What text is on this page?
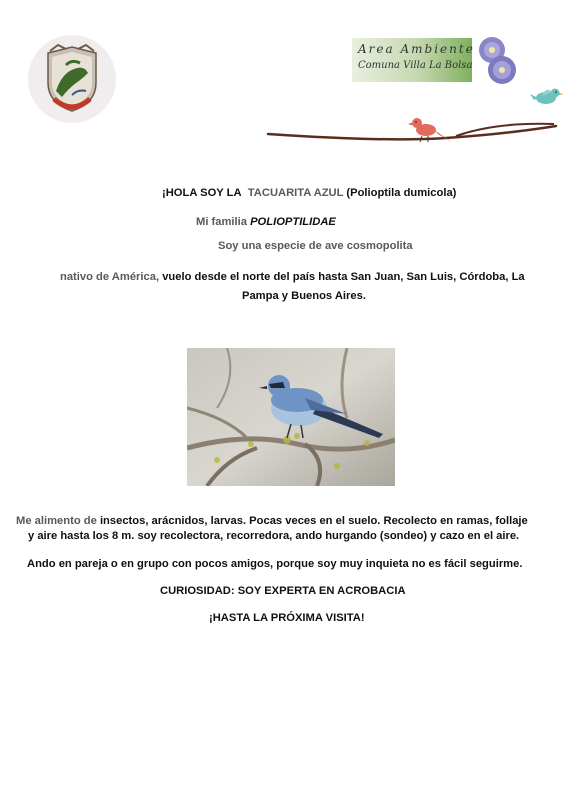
Area Ambiente
Comuna Villa La Bolsa
¡HOLA SOY LA TACUARITA AZUL (Polioptila dumicola)
Mi familia POLIOPTILIDAE
Soy una especie de ave cosmopolita
nativo de América, vuelo desde el norte del país hasta San Juan, San Luis, Córdoba, La
Pampa y Buenos Aires.
Me alimento de insectos, arácnidos, larvas. Pocas veces en el suelo. Recolecto en ramas, follaje
y aire hasta los 8 m. soy recolectora, recorredora, ando hurgando (sondeo) y cazo en el aire.
Ando en pareja o en grupo con pocos amigos, porque soy muy inquieta no es fácil seguirme.
CURIOSIDAD: SOY EXPERTA EN ACROBACIA
¡HASTA LA PRÓXIMA VISITA!
